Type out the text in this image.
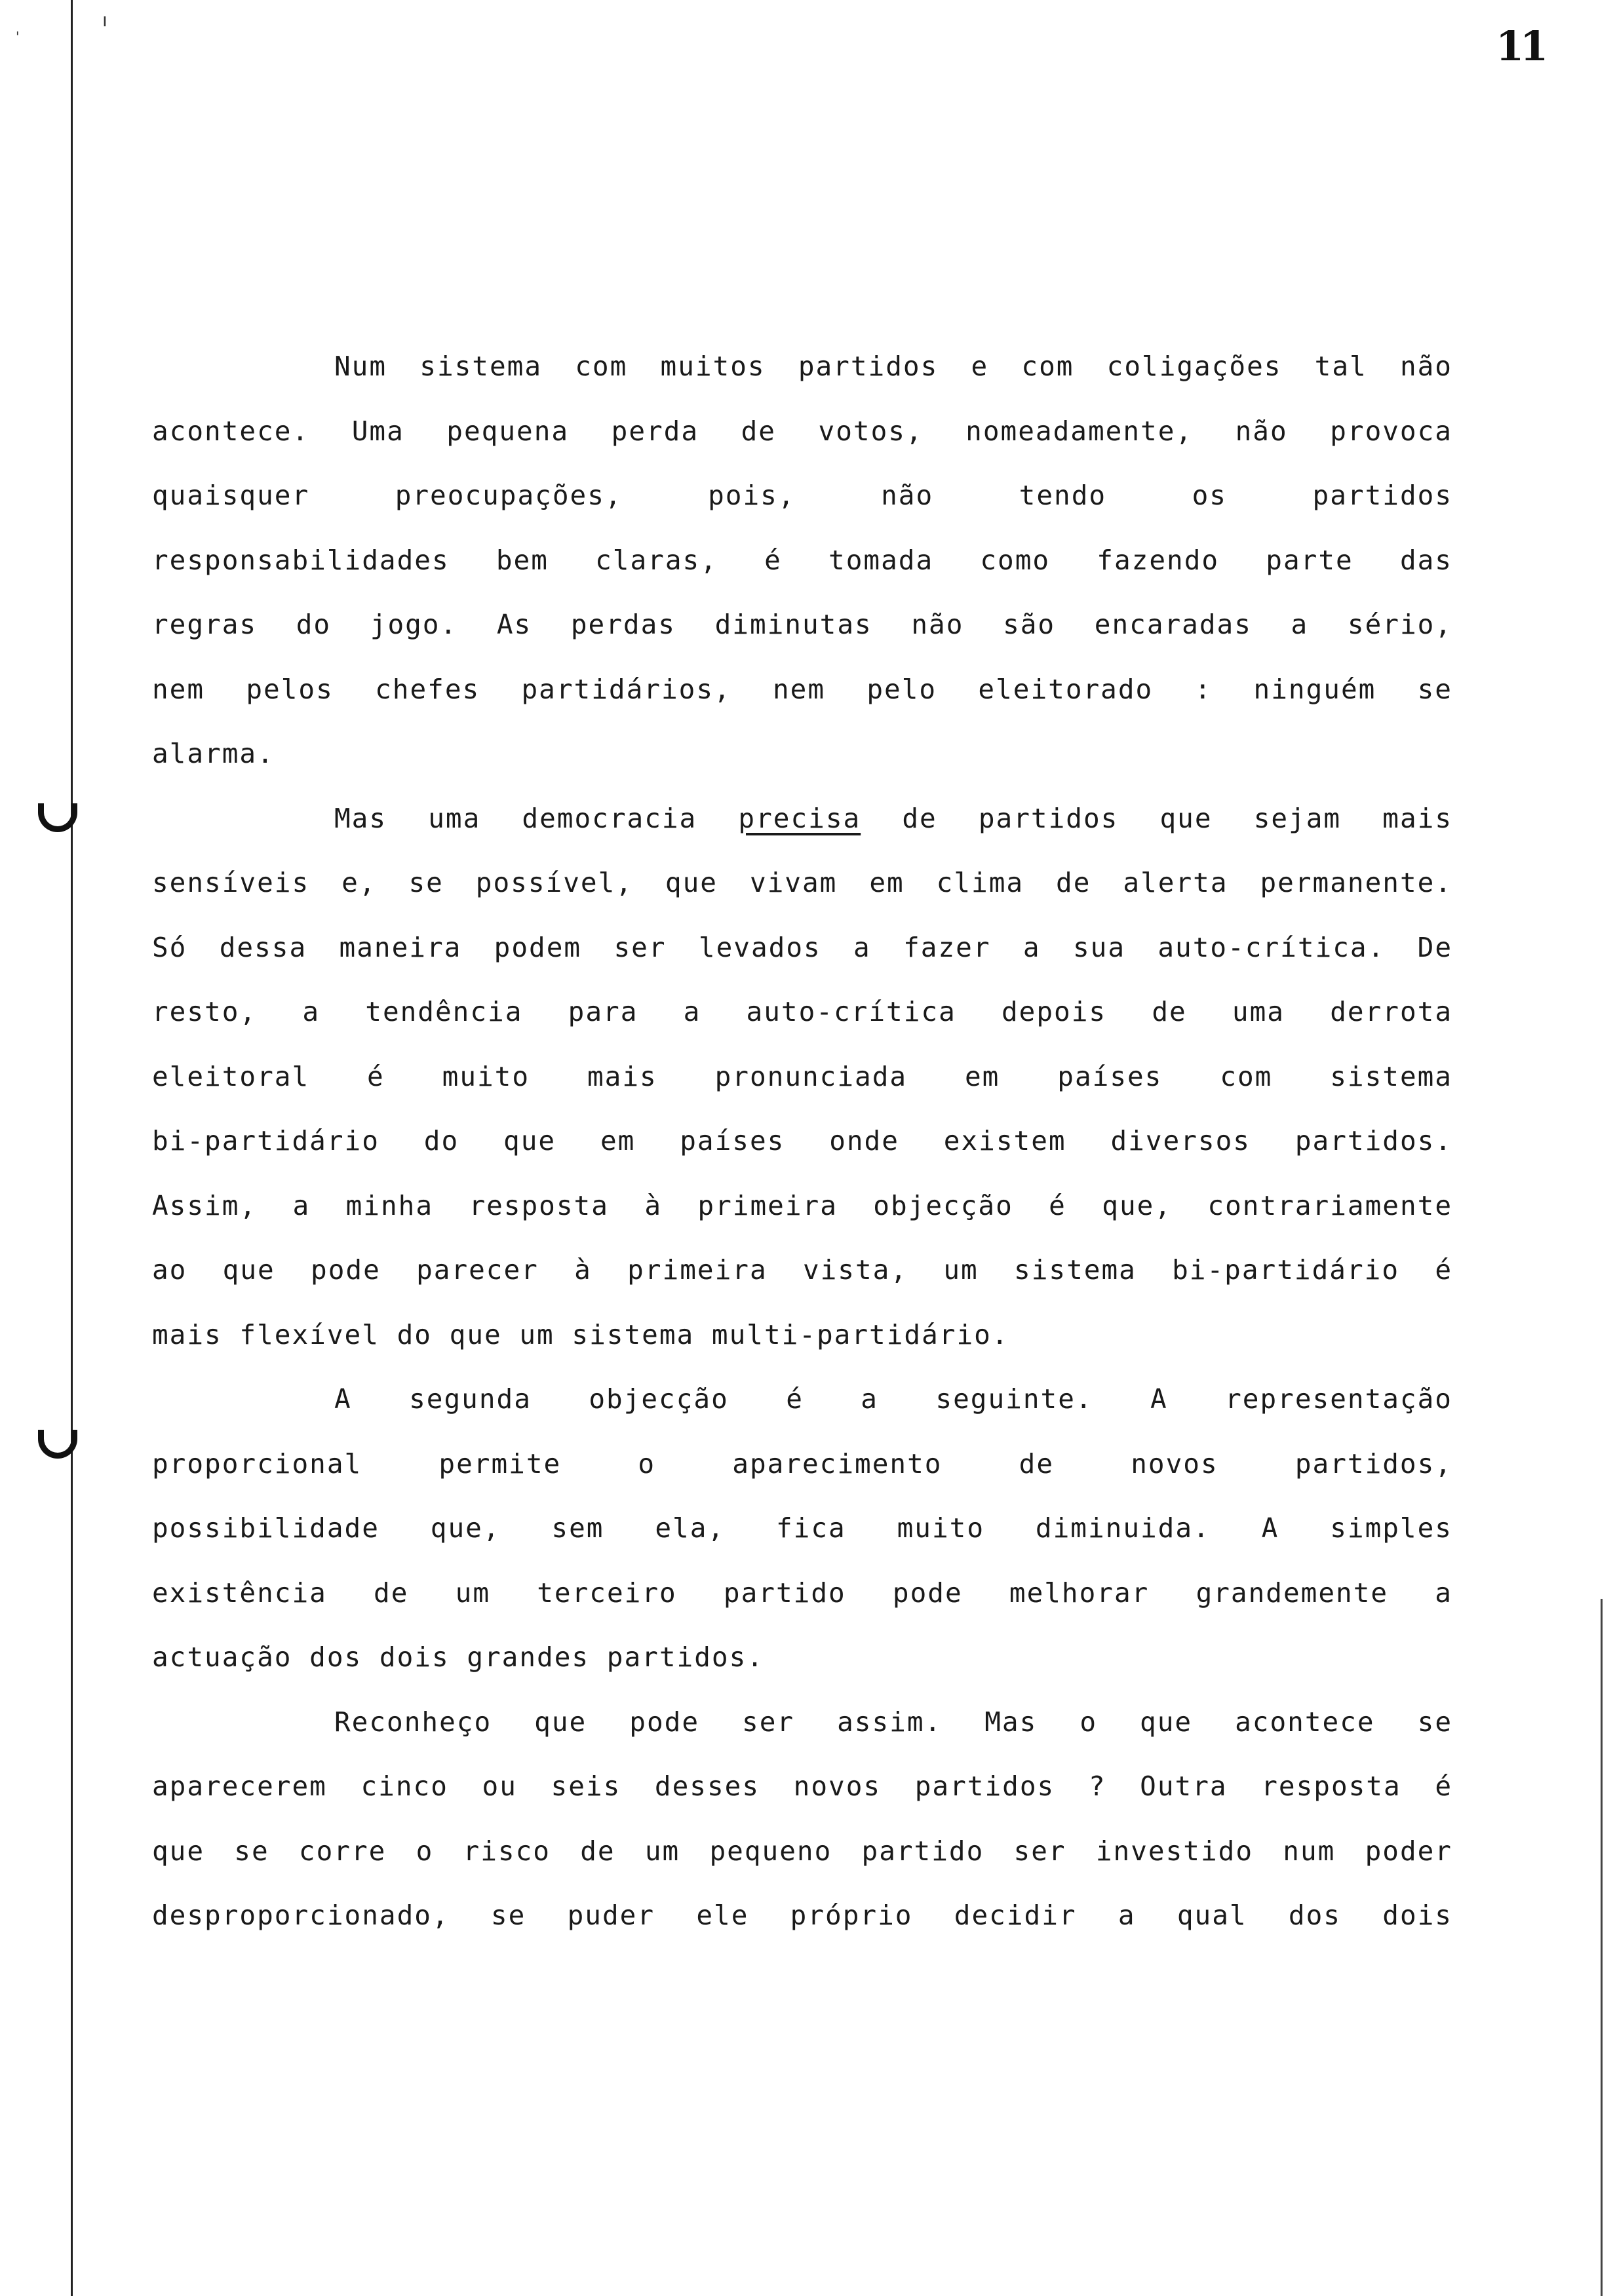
ı
'	11
Num sistema com muitos partidos e com coligações tal não
acontece. Uma pequena perda de votos, nomeadamente, não provoca
quaisquer preocupações, pois, não tendo os partidos
responsabilidades bem claras, é tomada como fazendo parte das
regras do jogo. As perdas diminutas não são encaradas a sério,
nem pelos chefes partidários, nem pelo eleitorado : ninguém se
alarma.
Mas uma democracia precisa de partidos que sejam mais
sensíveis e, se possível, que vivam em clima de alerta permanente.
Só dessa maneira podem ser levados a fazer a sua auto-crítica. De
resto, a tendência para a auto-crítica depois de uma derrota
eleitoral é muito mais pronunciada em países com sistema
bi-partidário do que em países onde existem diversos partidos.
Assim, a minha resposta à primeira objecção é que, contrariamente
ao que pode parecer à primeira vista, um sistema bi-partidário é
mais flexível do que um sistema multi-partidário.
A segunda objecção é a seguinte. A representação
proporcional permite o aparecimento de novos partidos,
possibilidade que, sem ela, fica muito diminuida. A simples
existência de um terceiro partido pode melhorar grandemente a
actuação dos dois grandes partidos.
Reconheço que pode ser assim. Mas o que acontece se
aparecerem cinco ou seis desses novos partidos ? Outra resposta é
que se corre o risco de um pequeno partido ser investido num poder
desproporcionado, se puder ele próprio decidir a qual dos dois
